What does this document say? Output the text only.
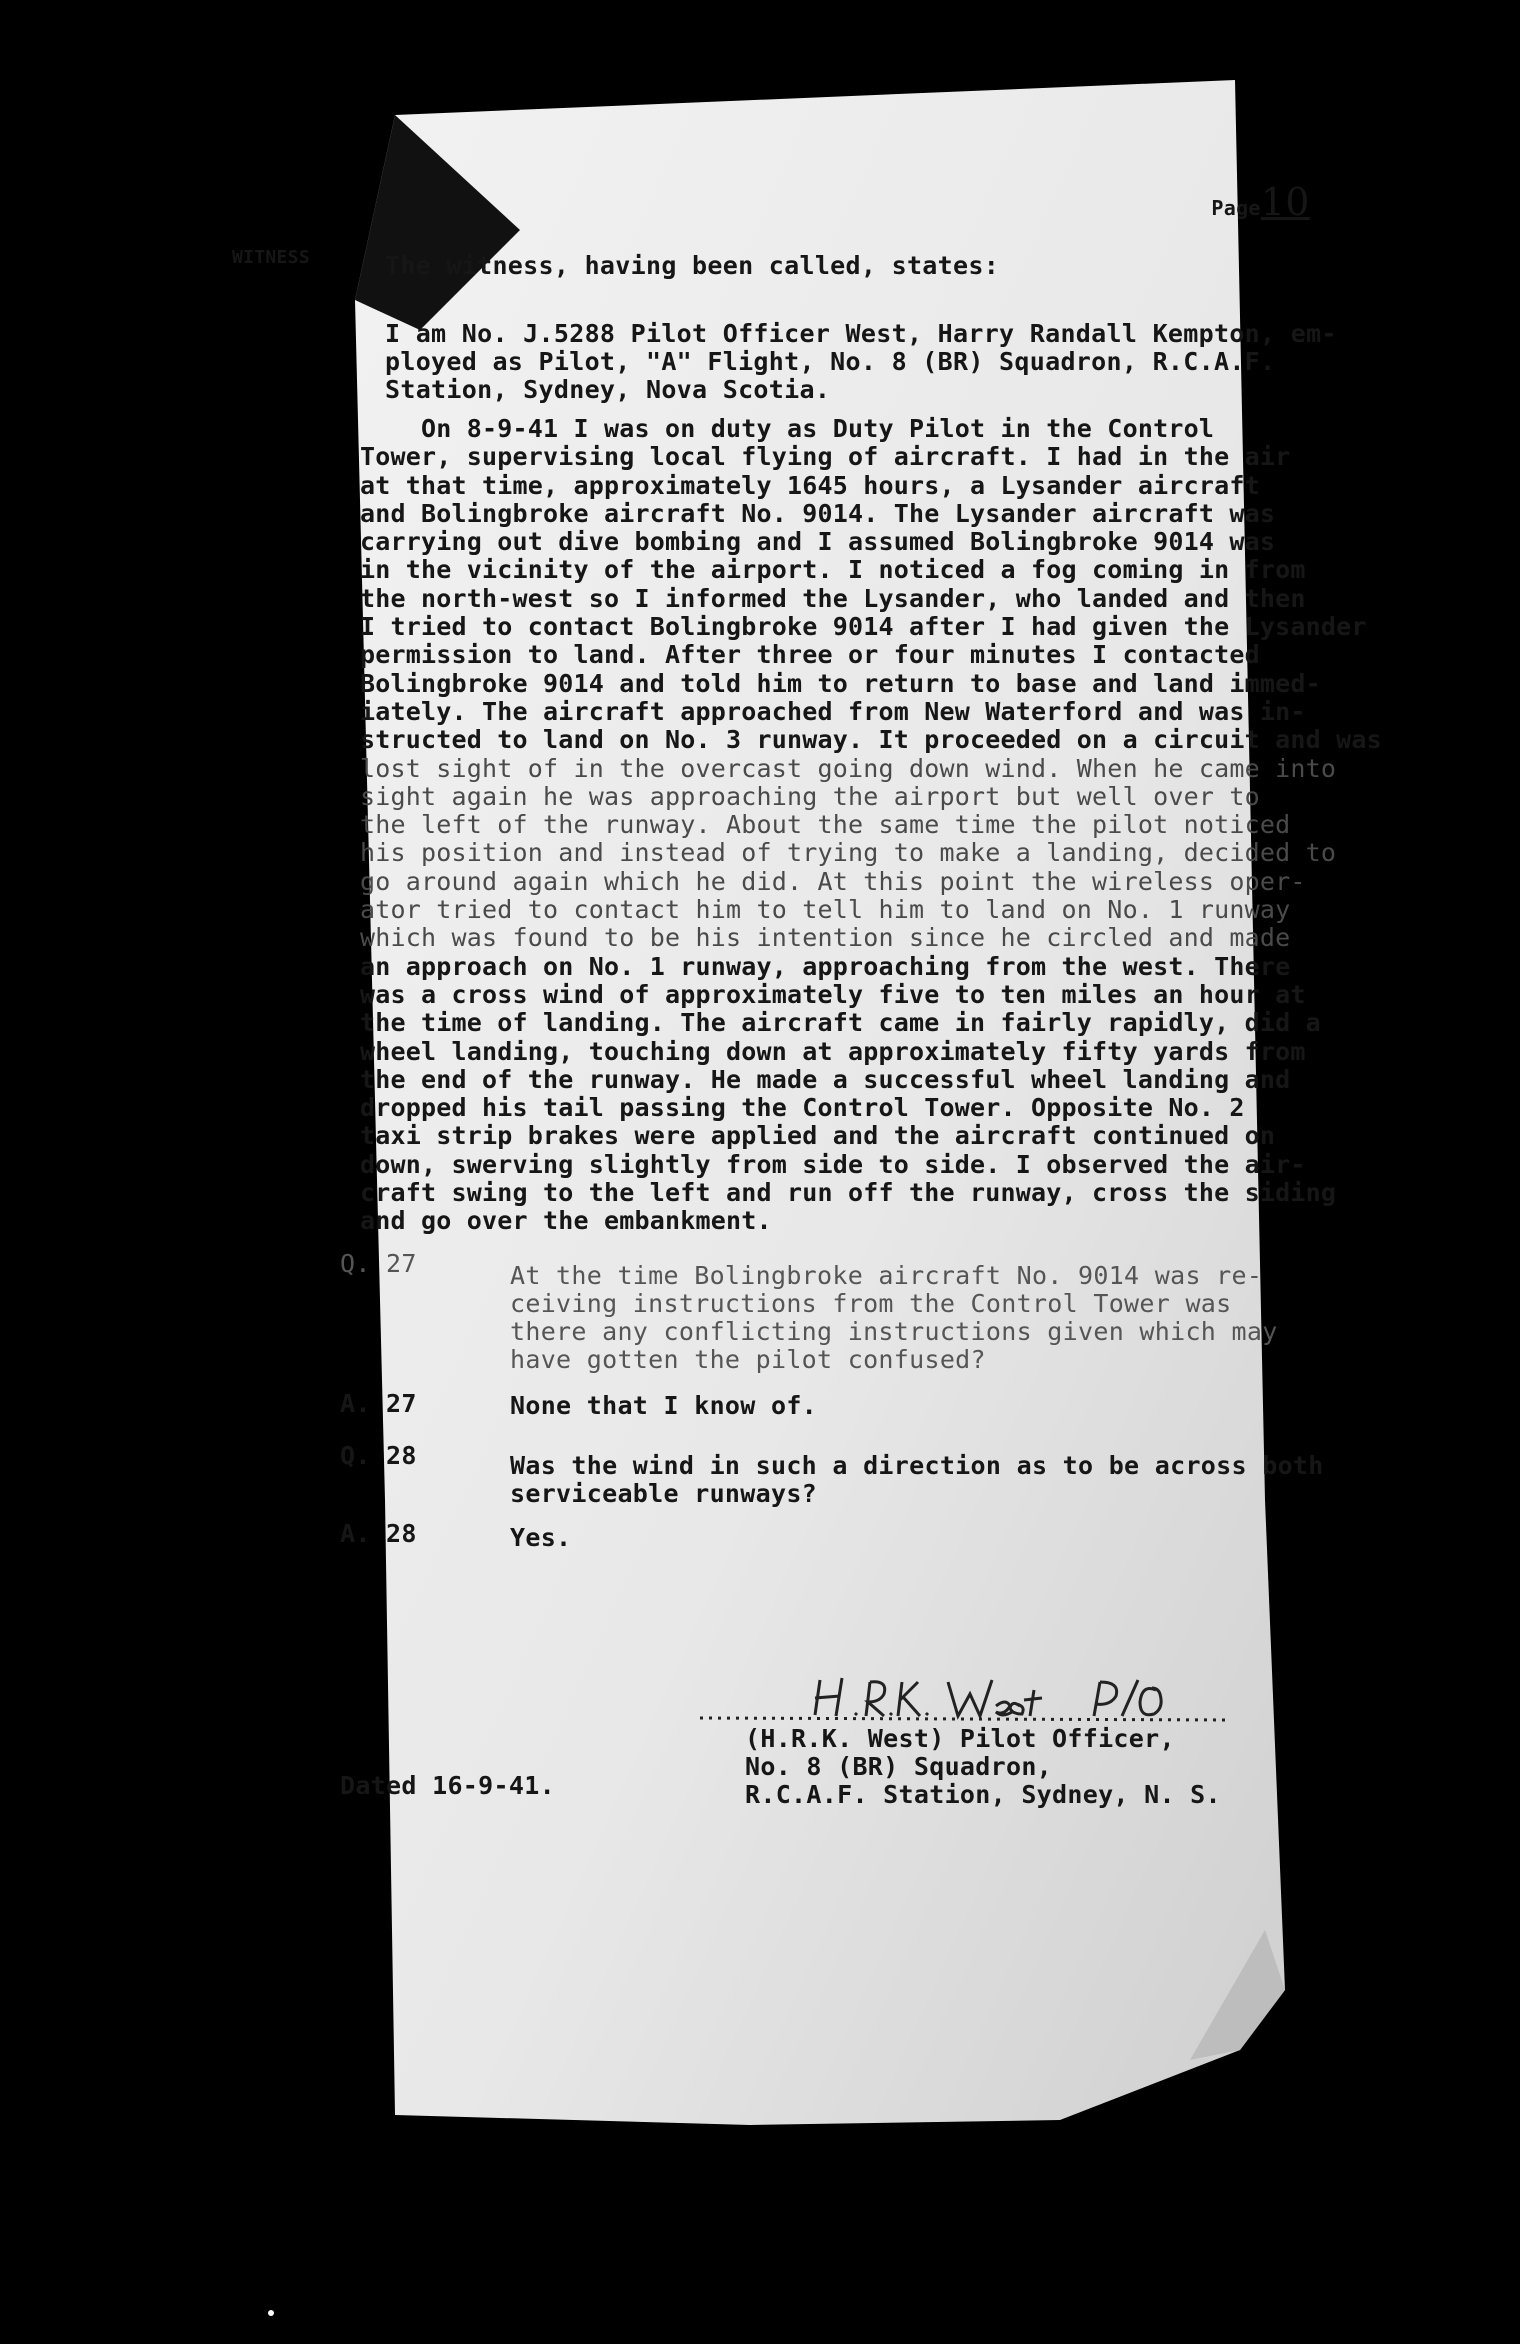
Page10

WITNESS	The witness, having been called, states:
I am No. J.5288 Pilot Officer West, Harry Randall Kempton, em-
ployed as Pilot, "A" Flight, No. 8 (BR) Squadron, R.C.A.F.
Station, Sydney, Nova Scotia.
On 8-9-41 I was on duty as Duty Pilot in the Control
Tower, supervising local flying of aircraft. I had in the air
at that time, approximately 1645 hours, a Lysander aircraft
and Bolingbroke aircraft No. 9014. The Lysander aircraft was
carrying out dive bombing and I assumed Bolingbroke 9014 was
in the vicinity of the airport. I noticed a fog coming in from
the north-west so I informed the Lysander, who landed and then
I tried to contact Bolingbroke 9014 after I had given the Lysander
permission to land. After three or four minutes I contacted
Bolingbroke 9014 and told him to return to base and land immed-
iately. The aircraft approached from New Waterford and was in-
structed to land on No. 3 runway. It proceeded on a circuit and was
lost sight of in the overcast going down wind. When he came into
sight again he was approaching the airport but well over to
the left of the runway. About the same time the pilot noticed
his position and instead of trying to make a landing, decided to
go around again which he did. At this point the wireless oper-
ator tried to contact him to tell him to land on No. 1 runway
which was found to be his intention since he circled and made
an approach on No. 1 runway, approaching from the west. There
was a cross wind of approximately five to ten miles an hour at
the time of landing. The aircraft came in fairly rapidly, did a
wheel landing, touching down at approximately fifty yards from
the end of the runway. He made a successful wheel landing and
dropped his tail passing the Control Tower. Opposite No. 2
taxi strip brakes were applied and the aircraft continued on
down, swerving slightly from side to side. I observed the air-
craft swing to the left and run off the runway, cross the siding
and go over the embankment.
Q. 27	At the time Bolingbroke aircraft No. 9014 was re-
ceiving instructions from the Control Tower was
there any conflicting instructions given which may
have gotten the pilot confused?
A. 27	None that I know of.
Q. 28	Was the wind in such a direction as to be across both
serviceable runways?
A. 28	Yes.
(H.R.K. West) Pilot Officer,
No. 8 (BR) Squadron,
R.C.A.F. Station, Sydney, N. S.
Dated 16-9-41.
